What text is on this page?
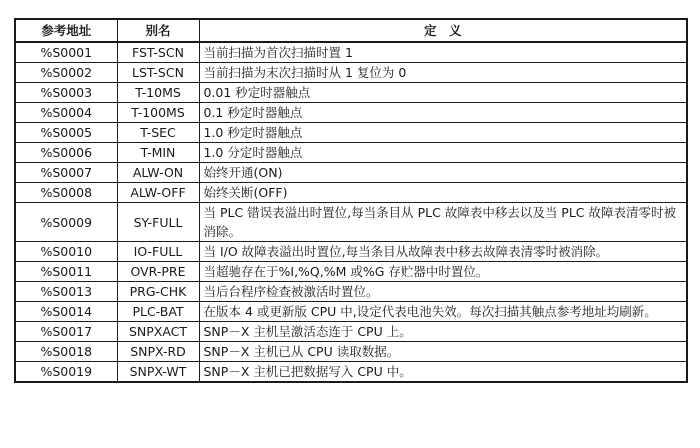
参考地址	别名	定　义
%S0001	FST-SCN	当前扫描为首次扫描时置 1
%S0002	LST-SCN	当前扫描为末次扫描时从 1 复位为 0
%S0003	T-10MS	0.01 秒定时器触点
%S0004	T-100MS	0.1 秒定时器触点
%S0005	T-SEC	1.0 秒定时器触点
%S0006	T-MIN	1.0 分定时器触点
%S0007	ALW-ON	始终开通(ON)
%S0008	ALW-OFF	始终关断(OFF)
%S0009	SY-FULL	当 PLC 错误表溢出时置位,每当条目从 PLC 故障表中移去以及当 PLC 故障表清零时被消除。
%S0010	IO-FULL	当 I/O 故障表溢出时置位,每当条目从故障表中移去故障表清零时被消除。
%S0011	OVR-PRE	当超驰存在于%I,%Q,%M 或%G 存贮器中时置位。
%S0013	PRG-CHK	当后台程序检查被激活时置位。
%S0014	PLC-BAT	在版本 4 或更新版 CPU 中,设定代表电池失效。每次扫描其触点参考地址均刷新。
%S0017	SNPXACT	SNP－X 主机呈激活态连于 CPU 上。
%S0018	SNPX-RD	SNP－X 主机已从 CPU 读取数据。
%S0019	SNPX-WT	SNP－X 主机已把数据写入 CPU 中。
